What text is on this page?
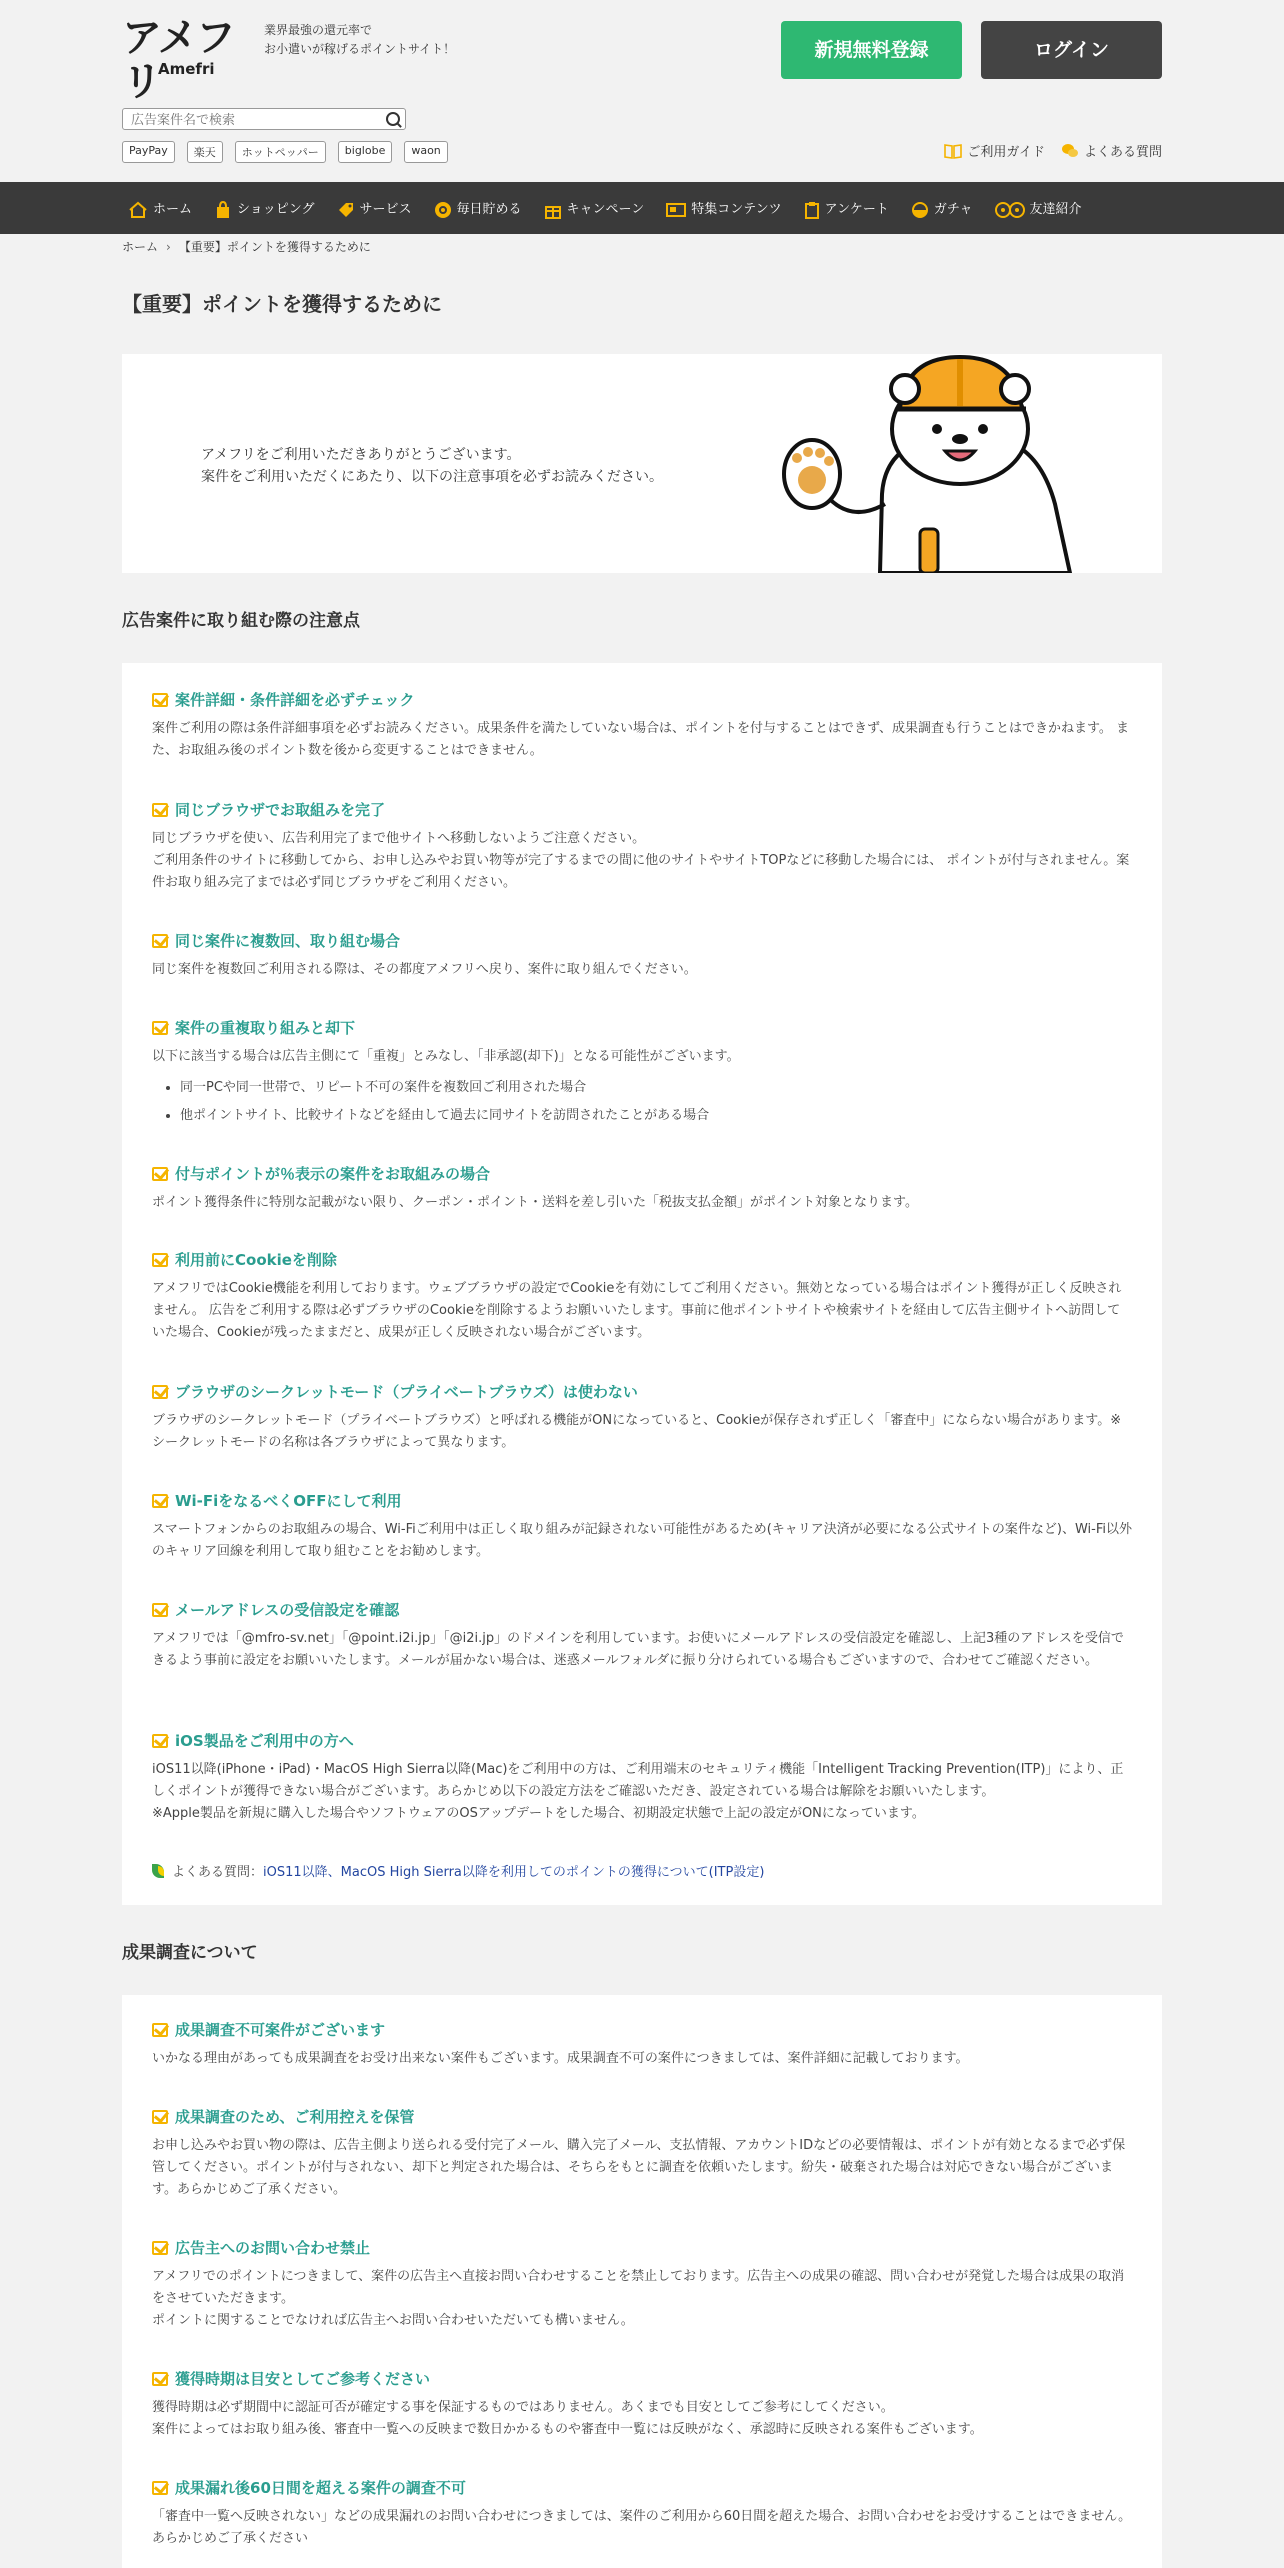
アメフリ
Amefri
業界最強の還元率で
お小遣いが稼げるポイントサイト！	新規無料登録	ログイン
広告案件名で検索
PayPay	楽天	ホットペッパー	biglobe	waon	ご利用ガイド	よくある質問
ホーム	ショッピング	サービス	毎日貯める	キャンペーン	特集コンテンツ	アンケート	ガチャ	友達紹介
ホーム › 【重要】ポイントを獲得するために
【重要】ポイントを獲得するために

アメフリをご利用いただきありがとうございます。
案件をご利用いただくにあたり、以下の注意事項を必ずお読みください。

広告案件に取り組む際の注意点
案件詳細・条件詳細を必ずチェック

案件ご利用の際は条件詳細事項を必ずお読みください。成果条件を満たしていない場合は、ポイントを付与することはできず、成果調査も行うことはできかねます。 また、お取組み後のポイント数を後から変更することはできません。

同じブラウザでお取組みを完了

同じブラウザを使い、広告利用完了まで他サイトへ移動しないようご注意ください。
ご利用条件のサイトに移動してから、お申し込みやお買い物等が完了するまでの間に他のサイトやサイトTOPなどに移動した場合には、 ポイントが付与されません。案件お取り組み完了までは必ず同じブラウザをご利用ください。

同じ案件に複数回、取り組む場合

同じ案件を複数回ご利用される際は、その都度アメフリへ戻り、案件に取り組んでください。

案件の重複取り組みと却下

以下に該当する場合は広告主側にて「重複」とみなし、「非承認(却下)」となる可能性がございます。

• 同一PCや同一世帯で、リピート不可の案件を複数回ご利用された場合
• 他ポイントサイト、比較サイトなどを経由して過去に同サイトを訪問されたことがある場合
付与ポイントが％表示の案件をお取組みの場合

ポイント獲得条件に特別な記載がない限り、クーポン・ポイント・送料を差し引いた「税抜支払金額」がポイント対象となります。

利用前にCookieを削除

アメフリではCookie機能を利用しております。ウェブブラウザの設定でCookieを有効にしてご利用ください。無効となっている場合はポイント獲得が正しく反映されません。 広告をご利用する際は必ずブラウザのCookieを削除するようお願いいたします。事前に他ポイントサイトや検索サイトを経由して広告主側サイトへ訪問していた場合、Cookieが残ったままだと、成果が正しく反映されない場合がございます。

ブラウザのシークレットモード（プライベートブラウズ）は使わない

ブラウザのシークレットモード（プライベートブラウズ）と呼ばれる機能がONになっていると、Cookieが保存されず正しく「審査中」にならない場合があります。※シークレットモードの名称は各ブラウザによって異なります。

Wi-FiをなるべくOFFにして利用

スマートフォンからのお取組みの場合、Wi-Fiご利用中は正しく取り組みが記録されない可能性があるため(キャリア決済が必要になる公式サイトの案件など)、Wi-Fi以外のキャリア回線を利用して取り組むことをお勧めします。

メールアドレスの受信設定を確認

アメフリでは「@mfro-sv.net」「@point.i2i.jp」「@i2i.jp」のドメインを利用しています。お使いにメールアドレスの受信設定を確認し、上記3種のアドレスを受信できるよう事前に設定をお願いいたします。メールが届かない場合は、迷惑メールフォルダに振り分けられている場合もございますので、合わせてご確認ください。

iOS製品をご利用中の方へ

iOS11以降(iPhone・iPad)・MacOS High Sierra以降(Mac)をご利用中の方は、ご利用端末のセキュリティ機能「Intelligent Tracking Prevention(ITP)」により、正しくポイントが獲得できない場合がございます。あらかじめ以下の設定方法をご確認いただき、設定されている場合は解除をお願いいたします。
※Apple製品を新規に購入した場合やソフトウェアのOSアップデートをした場合、初期設定状態で上記の設定がONになっています。

よくある質問：iOS11以降、MacOS High Sierra以降を利用してのポイントの獲得について(ITP設定)
成果調査について
成果調査不可案件がございます

いかなる理由があっても成果調査をお受け出来ない案件もございます。成果調査不可の案件につきましては、案件詳細に記載しております。

成果調査のため、ご利用控えを保管

お申し込みやお買い物の際は、広告主側より送られる受付完了メール、購入完了メール、支払情報、アカウントIDなどの必要情報は、ポイントが有効となるまで必ず保管してください。ポイントが付与されない、却下と判定された場合は、そちらをもとに調査を依頼いたします。紛失・破棄された場合は対応できない場合がございます。あらかじめご了承ください。

広告主へのお問い合わせ禁止

アメフリでのポイントにつきまして、案件の広告主へ直接お問い合わせすることを禁止しております。広告主への成果の確認、問い合わせが発覚した場合は成果の取消をさせていただきます。
ポイントに関することでなければ広告主へお問い合わせいただいても構いません。

獲得時期は目安としてご参考ください

獲得時期は必ず期間中に認証可否が確定する事を保証するものではありません。あくまでも目安としてご参考にしてください。
案件によってはお取り組み後、審査中一覧への反映まで数日かかるものや審査中一覧には反映がなく、承認時に反映される案件もございます。

成果漏れ後60日間を超える案件の調査不可

「審査中一覧へ反映されない」などの成果漏れのお問い合わせにつきましては、案件のご利用から60日間を超えた場合、お問い合わせをお受けすることはできません。あらかじめご了承ください
